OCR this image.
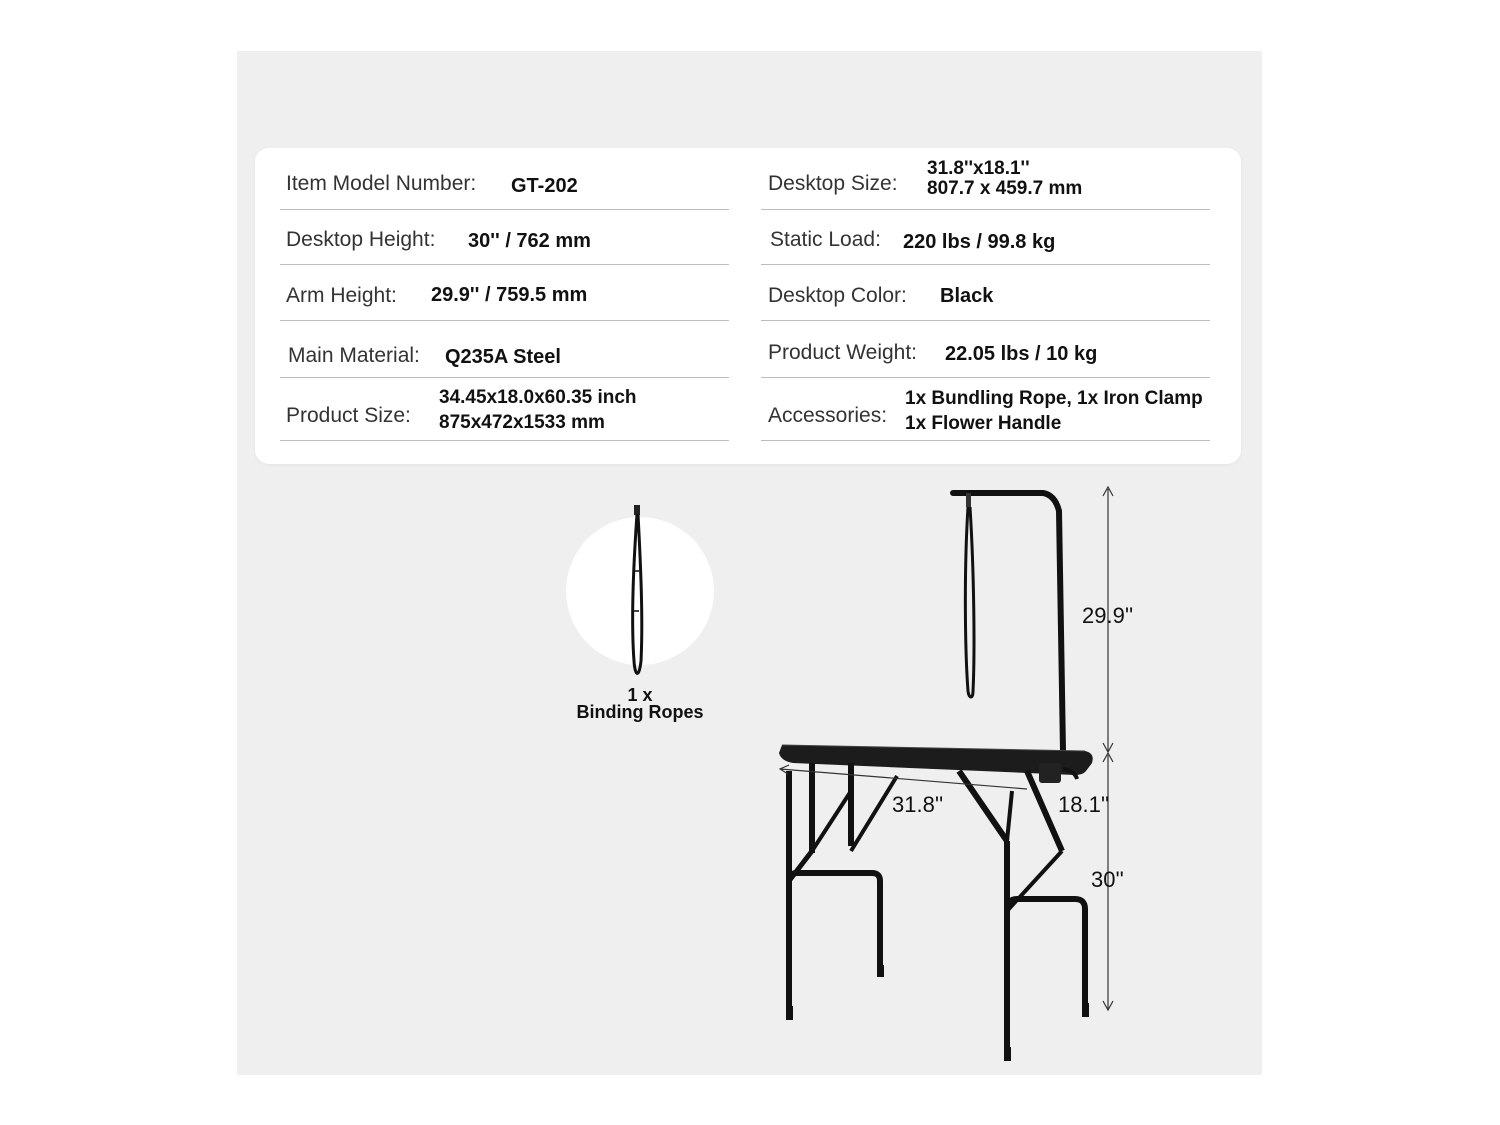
Item Model Number: GT-202
Desktop Height: 30'' / 762 mm
Arm Height: 29.9'' / 759.5 mm
Main Material: Q235A Steel
Product Size:
34.45x18.0x60.35 inch
875x472x1533 mm
Desktop Size:
31.8''x18.1''
807.7 x 459.7 mm
Static Load: 220 lbs / 99.8 kg
Desktop Color: Black
Product Weight: 22.05 lbs / 10 kg
Accessories:
1x Bundling Rope, 1x Iron Clamp
1x Flower Handle
1 x
Binding Ropes
29.9''
31.8''	18.1''
30''
